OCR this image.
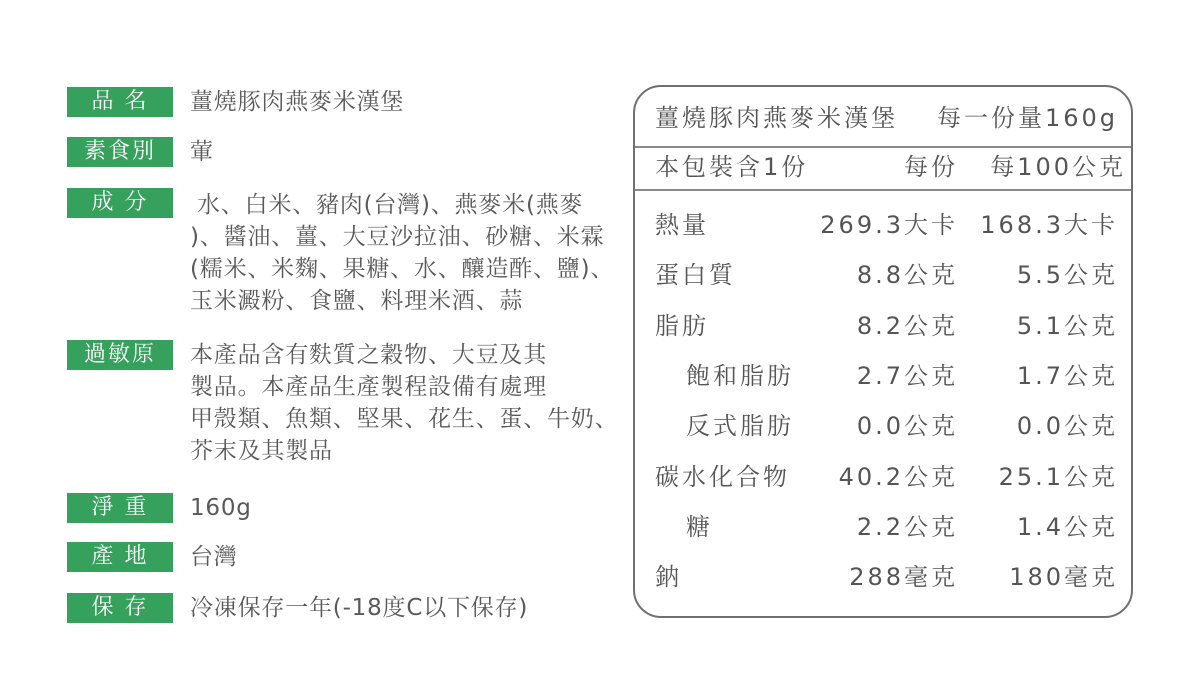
品 名	薑燒豚肉燕麥米漢堡
素食別	葷
成 分	水、白米、豬肉(台灣)、燕麥米(燕麥
)、醬油、薑、大豆沙拉油、砂糖、米霖
(糯米、米麴、果糖、水、釀造酢、鹽)、
玉米澱粉、食鹽、料理米酒、蒜
過敏原	本產品含有麩質之穀物、大豆及其
製品。本產品生產製程設備有處理
甲殼類、魚類、堅果、花生、蛋、牛奶、
芥末及其製品
淨 重	160g
產 地	台灣
保 存	冷凍保存一年(-18度C以下保存)
薑燒豚肉燕麥米漢堡 每一份量160g
本包裝含1份	每份 每100公克
熱量	269.3大卡 168.3大卡
蛋白質	8.8公克 5.5公克
脂肪	8.2公克 5.1公克
飽和脂肪	2.7公克 1.7公克
反式脂肪	0.0公克 0.0公克
碳水化合物 40.2公克 25.1公克
糖	2.2公克 1.4公克
鈉	288毫克 180毫克
